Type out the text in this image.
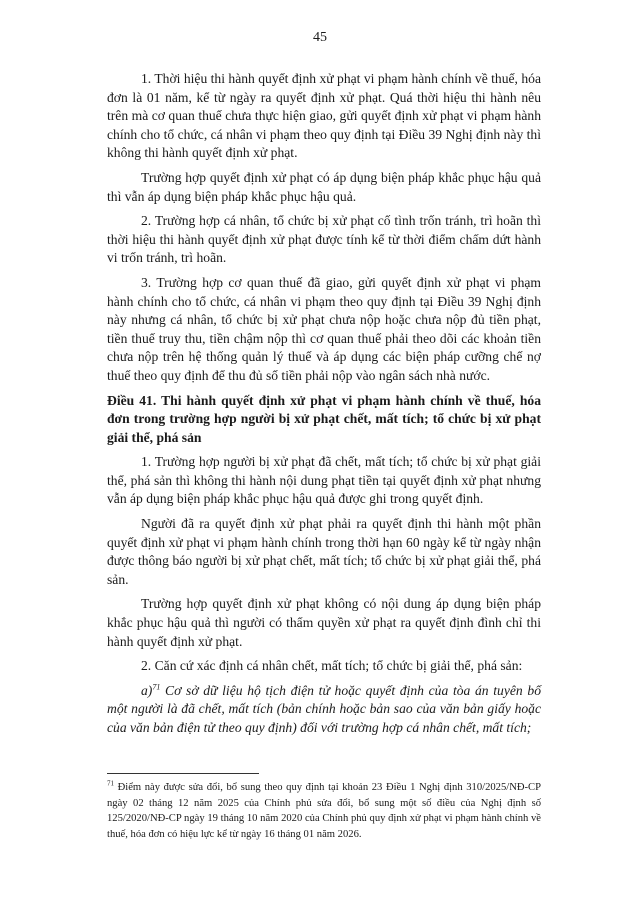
45

1. Thời hiệu thi hành quyết định xử phạt vi phạm hành chính về thuế, hóa đơn là 01 năm, kể từ ngày ra quyết định xử phạt. Quá thời hiệu thi hành nêu trên mà cơ quan thuế chưa thực hiện giao, gửi quyết định xử phạt vi phạm hành chính cho tổ chức, cá nhân vi phạm theo quy định tại Điều 39 Nghị định này thì không thi hành quyết định xử phạt.

Trường hợp quyết định xử phạt có áp dụng biện pháp khắc phục hậu quả thì vẫn áp dụng biện pháp khắc phục hậu quả.

2. Trường hợp cá nhân, tổ chức bị xử phạt cố tình trốn tránh, trì hoãn thì thời hiệu thi hành quyết định xử phạt được tính kể từ thời điểm chấm dứt hành vi trốn tránh, trì hoãn.

3. Trường hợp cơ quan thuế đã giao, gửi quyết định xử phạt vi phạm hành chính cho tổ chức, cá nhân vi phạm theo quy định tại Điều 39 Nghị định này nhưng cá nhân, tổ chức bị xử phạt chưa nộp hoặc chưa nộp đủ tiền phạt, tiền thuế truy thu, tiền chậm nộp thì cơ quan thuế phải theo dõi các khoản tiền chưa nộp trên hệ thống quản lý thuế và áp dụng các biện pháp cưỡng chế nợ thuế theo quy định để thu đủ số tiền phải nộp vào ngân sách nhà nước.

Điều 41. Thi hành quyết định xử phạt vi phạm hành chính về thuế, hóa đơn trong trường hợp người bị xử phạt chết, mất tích; tổ chức bị xử phạt giải thể, phá sản

1. Trường hợp người bị xử phạt đã chết, mất tích; tổ chức bị xử phạt giải thể, phá sản thì không thi hành nội dung phạt tiền tại quyết định xử phạt nhưng vẫn áp dụng biện pháp khắc phục hậu quả được ghi trong quyết định.

Người đã ra quyết định xử phạt phải ra quyết định thi hành một phần quyết định xử phạt vi phạm hành chính trong thời hạn 60 ngày kể từ ngày nhận được thông báo người bị xử phạt chết, mất tích; tổ chức bị xử phạt giải thể, phá sản.

Trường hợp quyết định xử phạt không có nội dung áp dụng biện pháp khắc phục hậu quả thì người có thẩm quyền xử phạt ra quyết định đình chỉ thi hành quyết định xử phạt.

2. Căn cứ xác định cá nhân chết, mất tích; tổ chức bị giải thể, phá sản:

a)$^{71}$ Cơ sở dữ liệu hộ tịch điện tử hoặc quyết định của tòa án tuyên bố một người là đã chết, mất tích (bản chính hoặc bản sao của văn bản giấy hoặc của văn bản điện tử theo quy định) đối với trường hợp cá nhân chết, mất tích;

$^{71}$ Điểm này được sửa đổi, bổ sung theo quy định tại khoản 23 Điều 1 Nghị định 310/2025/NĐ-CP ngày 02 tháng 12 năm 2025 của Chính phủ sửa đổi, bổ sung một số điều của Nghị định số 125/2020/NĐ-CP ngày 19 tháng 10 năm 2020 của Chính phủ quy định xử phạt vi phạm hành chính về thuế, hóa đơn có hiệu lực kể từ ngày 16 tháng 01 năm 2026.
